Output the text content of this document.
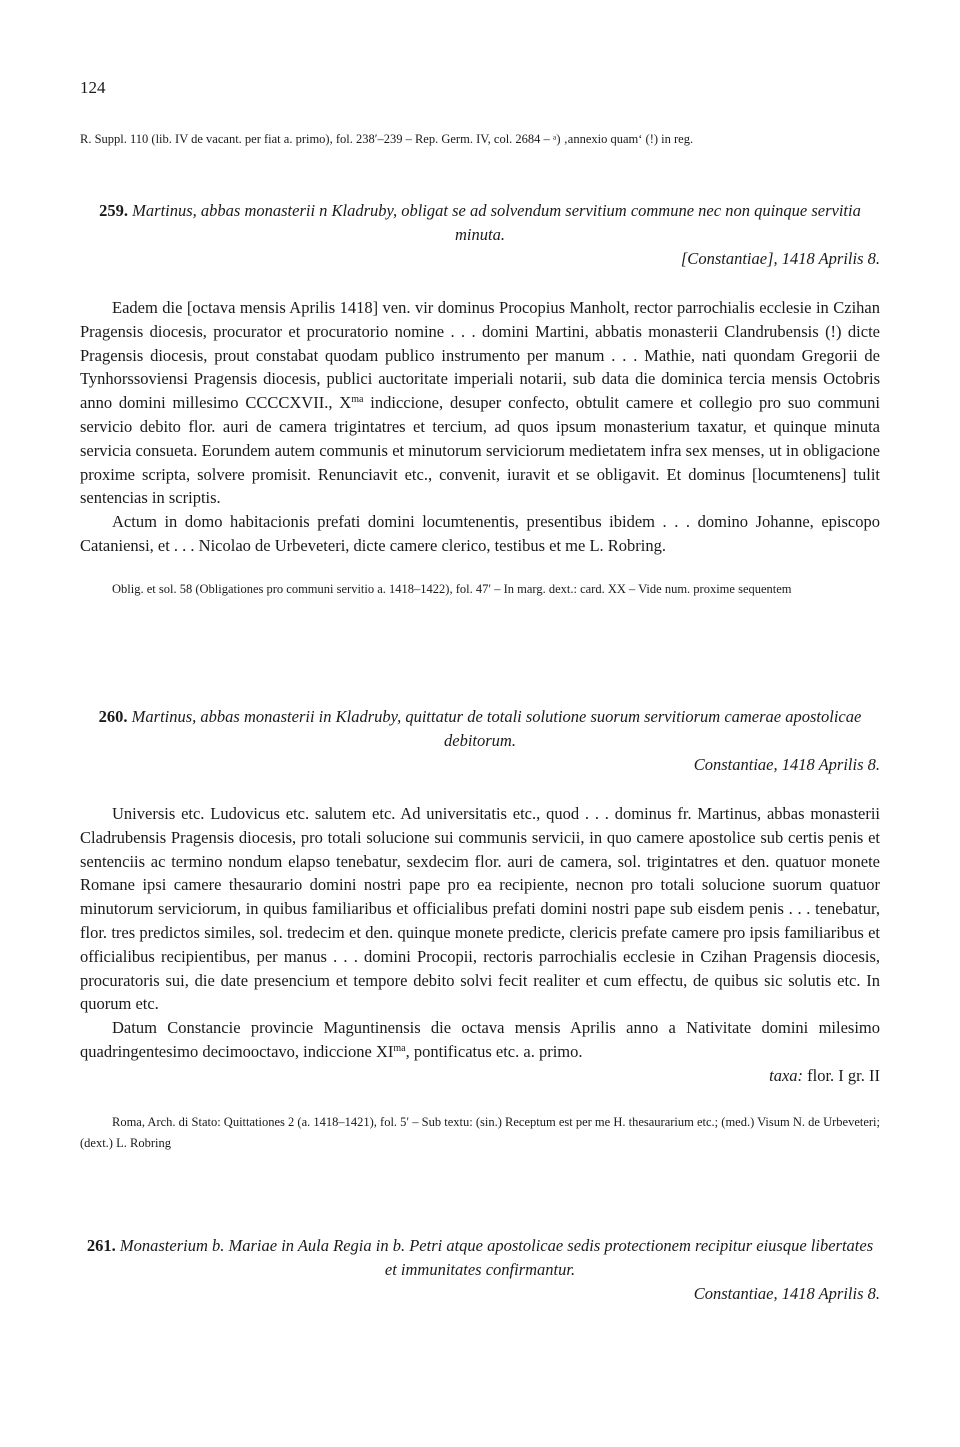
124

R. Suppl. 110 (lib. IV de vacant. per fiat a. primo), fol. 238′–239 – Rep. Germ. IV, col. 2684 – ᵃ) ‚annexio quam‘ (!) in reg.

259. Martinus, abbas monasterii n Kladruby, obligat se ad solvendum servitium commune nec non quinque servitia minuta.

[Constantiae], 1418 Aprilis 8.

Eadem die [octava mensis Aprilis 1418] ven. vir dominus Procopius Manholt, rector parrochialis ecclesie in Czihan Pragensis diocesis, procurator et procuratorio nomine . . . domini Martini, abbatis monasterii Clandrubensis (!) dicte Pragensis diocesis, prout constabat quodam publico instrumento per manum . . . Mathie, nati quondam Gregorii de Tynhorssoviensi Pragensis diocesis, publici auctoritate imperiali notarii, sub data die dominica tercia mensis Octobris anno domini millesimo CCCCXVII., $X^{ma}$ indiccione, desuper confecto, obtulit camere et collegio pro suo communi servicio debito flor. auri de camera trigintatres et tercium, ad quos ipsum monasterium taxatur, et quinque minuta servicia consueta. Eorundem autem communis et minutorum serviciorum medietatem infra sex menses, ut in obligacione proxime scripta, solvere promisit. Renunciavit etc., convenit, iuravit et se obligavit. Et dominus [locumtenens] tulit sentencias in scriptis.

Actum in domo habitacionis prefati domini locumtenentis, presentibus ibidem . . . domino Johanne, episcopo Cataniensi, et . . . Nicolao de Urbeveteri, dicte camere clerico, testibus et me L. Robring.

Oblig. et sol. 58 (Obligationes pro communi servitio a. 1418–1422), fol. 47′ – In marg. dext.: card. XX – Vide num. proxime sequentem

260. Martinus, abbas monasterii in Kladruby, quittatur de totali solutione suorum servitiorum camerae apostolicae debitorum.

Constantiae, 1418 Aprilis 8.

Universis etc. Ludovicus etc. salutem etc. Ad universitatis etc., quod . . . dominus fr. Martinus, abbas monasterii Cladrubensis Pragensis diocesis, pro totali solucione sui communis servicii, in quo camere apostolice sub certis penis et sentenciis ac termino nondum elapso tenebatur, sexdecim flor. auri de camera, sol. trigintatres et den. quatuor monete Romane ipsi camere thesaurario domini nostri pape pro ea recipiente, necnon pro totali solucione suorum quatuor minutorum serviciorum, in quibus familiaribus et officialibus prefati domini nostri pape sub eisdem penis . . . tenebatur, flor. tres predictos similes, sol. tredecim et den. quinque monete predicte, clericis prefate camere pro ipsis familiaribus et officialibus recipientibus, per manus . . . domini Procopii, rectoris parrochialis ecclesie in Czihan Pragensis diocesis, procuratoris sui, die date presencium et tempore debito solvi fecit realiter et cum effectu, de quibus sic solutis etc. In quorum etc.

Datum Constancie provincie Maguntinensis die octava mensis Aprilis anno a Nativitate domini milesimo quadringentesimo decimooctavo, indiccione $XI^{ma}$, pontificatus etc. a. primo.

taxa: flor. I gr. II

Roma, Arch. di Stato: Quittationes 2 (a. 1418–1421), fol. 5′ – Sub textu: (sin.) Receptum est per me H. thesaurarium etc.; (med.) Visum N. de Urbeveteri; (dext.) L. Robring

261. Monasterium b. Mariae in Aula Regia in b. Petri atque apostolicae sedis protectionem recipitur eiusque libertates et immunitates confirmantur.

Constantiae, 1418 Aprilis 8.
